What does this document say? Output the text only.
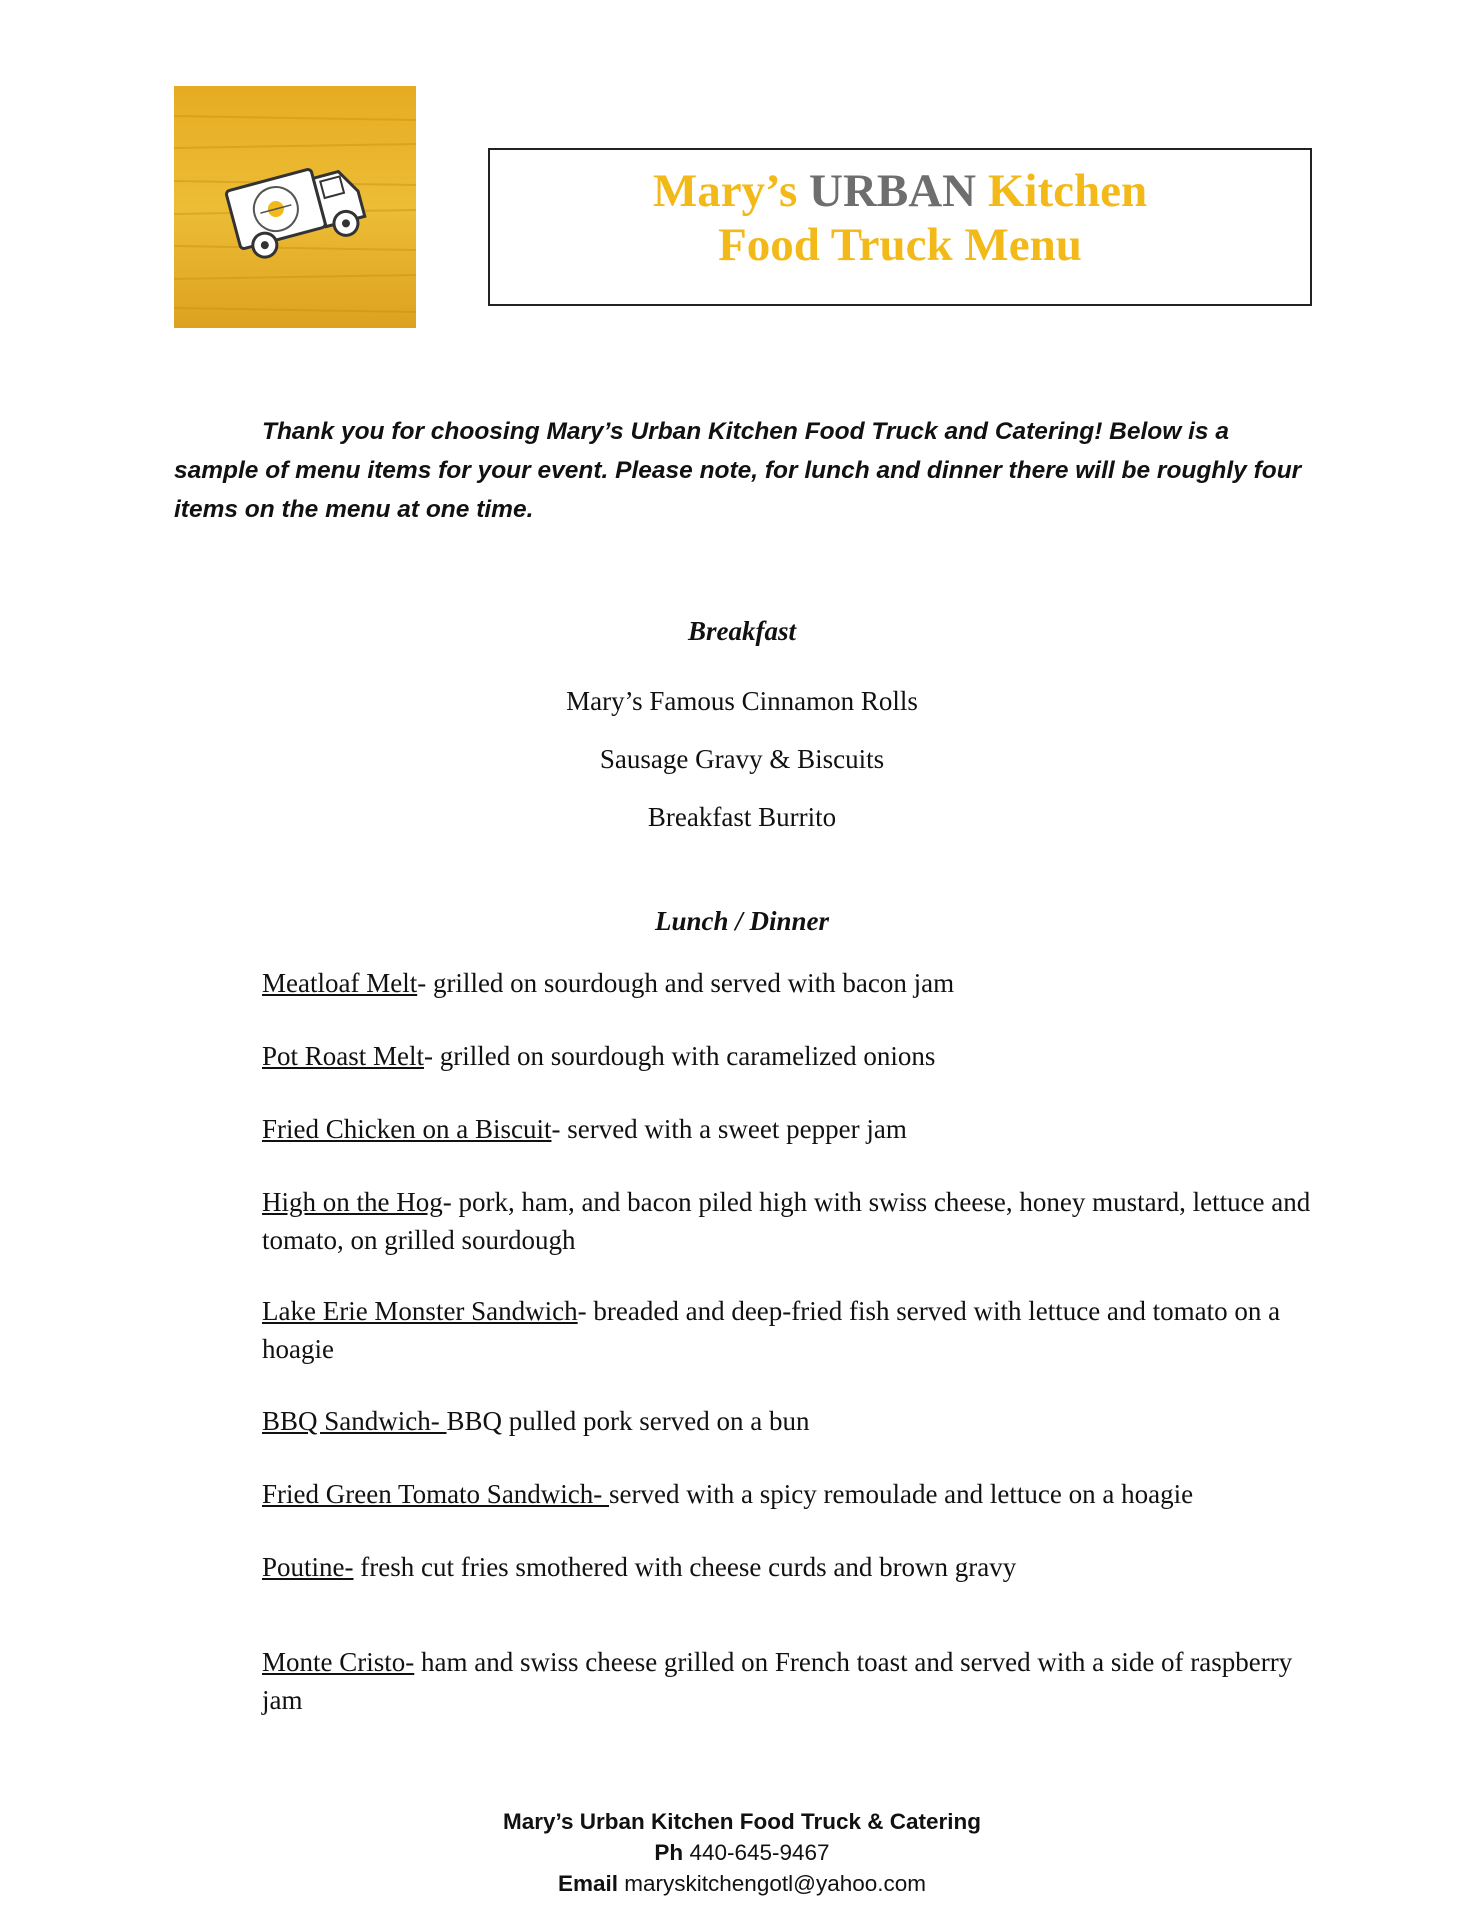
Mary’s URBAN Kitchen
Food Truck Menu
Thank you for choosing Mary’s Urban Kitchen Food Truck and Catering! Below is a sample of menu items for your event. Please note, for lunch and dinner there will be roughly four items on the menu at one time.
Breakfast
Mary’s Famous Cinnamon Rolls
Sausage Gravy & Biscuits
Breakfast Burrito
Lunch / Dinner
Meatloaf Melt- grilled on sourdough and served with bacon jam
Pot Roast Melt- grilled on sourdough with caramelized onions
Fried Chicken on a Biscuit- served with a sweet pepper jam
High on the Hog- pork, ham, and bacon piled high with swiss cheese, honey mustard, lettuce and tomato, on grilled sourdough
Lake Erie Monster Sandwich- breaded and deep-fried fish served with lettuce and tomato on a hoagie
BBQ Sandwich- BBQ pulled pork served on a bun
Fried Green Tomato Sandwich- served with a spicy remoulade and lettuce on a hoagie
Poutine- fresh cut fries smothered with cheese curds and brown gravy
Monte Cristo- ham and swiss cheese grilled on French toast and served with a side of raspberry jam
Mary’s Urban Kitchen Food Truck & Catering
Ph 440-645-9467
Email maryskitchengotl@yahoo.com
